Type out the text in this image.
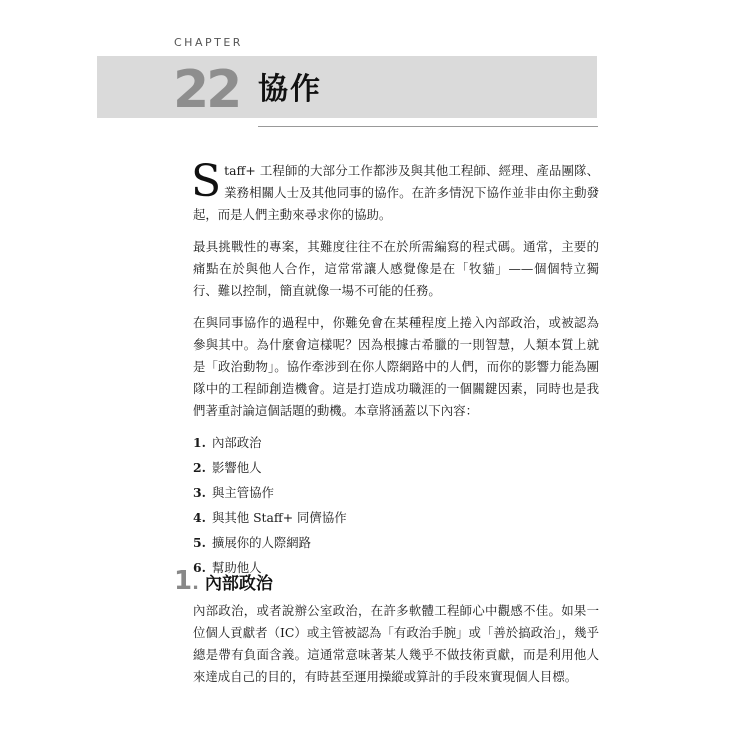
CHAPTER
22 協作

Staff+ 工程師的大部分工作都涉及與其他工程師、經理、產品團隊、業務相關人士及其他同事的協作。在許多情況下協作並非由你主動發起，而是人們主動來尋求你的協助。

最具挑戰性的專案，其難度往往不在於所需編寫的程式碼。通常，主要的痛點在於與他人合作，這常常讓人感覺像是在「牧貓」——個個特立獨行、難以控制，簡直就像一場不可能的任務。

在與同事協作的過程中，你難免會在某種程度上捲入內部政治，或被認為參與其中。為什麼會這樣呢？因為根據古希臘的一則智慧，人類本質上就是「政治動物」。協作牽涉到在你人際網路中的人們，而你的影響力能為團隊中的工程師創造機會。這是打造成功職涯的一個關鍵因素，同時也是我們著重討論這個話題的動機。本章將涵蓋以下內容：

1. 內部政治
2. 影響他人
3. 與主管協作
4. 與其他 Staff+ 同儕協作
5. 擴展你的人際網路
6. 幫助他人
1 . 內部政治

內部政治，或者說辦公室政治，在許多軟體工程師心中觀感不佳。如果一位個人貢獻者（IC）或主管被認為「有政治手腕」或「善於搞政治」，幾乎總是帶有負面含義。這通常意味著某人幾乎不做技術貢獻，而是利用他人來達成自己的目的，有時甚至運用操縱或算計的手段來實現個人目標。
